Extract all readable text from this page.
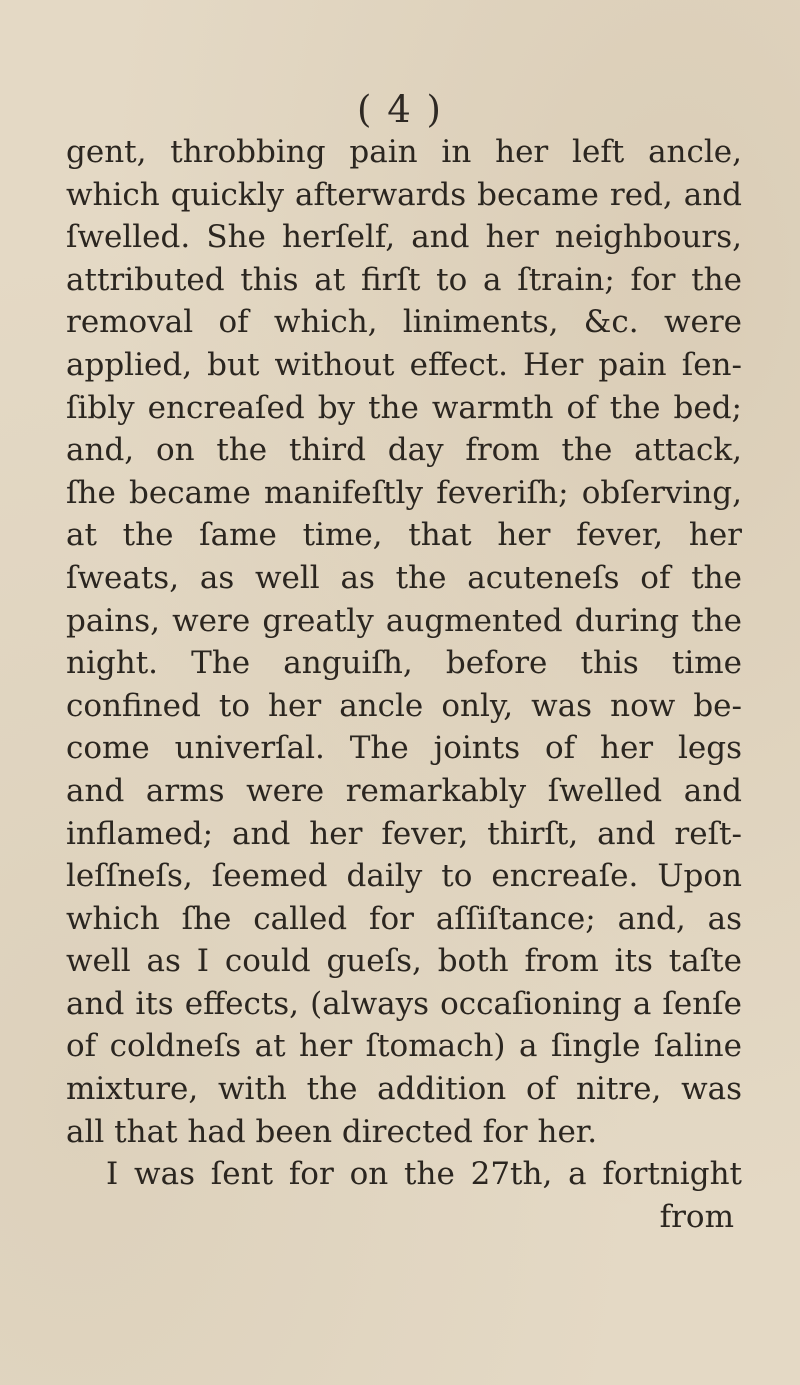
( 4 )
gent, throbbing pain in her left ancle,
which quickly afterwards became red, and
ſwelled. She herſelf, and her neighbours,
attributed this at firſt to a ſtrain; for the
removal of which, liniments, &c. were
applied, but without effect. Her pain ſen-
ſibly encreaſed by the warmth of the bed;
and, on the third day from the attack,
ſhe became manifeſtly feveriſh; obſerving,
at the ſame time, that her fever, her
ſweats, as well as the acuteneſs of the
pains, were greatly augmented during the
night. The anguiſh, before this time
confined to her ancle only, was now be-
come univerſal. The joints of her legs
and arms were remarkably ſwelled and
inflamed; and her fever, thirſt, and reſt-
leſſneſs, ſeemed daily to encreaſe. Upon
which ſhe called for aſſiſtance; and, as
well as I could gueſs, both from its taſte
and its effects, (always occaſioning a ſenſe
of coldneſs at her ſtomach) a ſingle ſaline
mixture, with the addition of nitre, was
all that had been directed for her.
I was ſent for on the 27th, a fortnight
from
